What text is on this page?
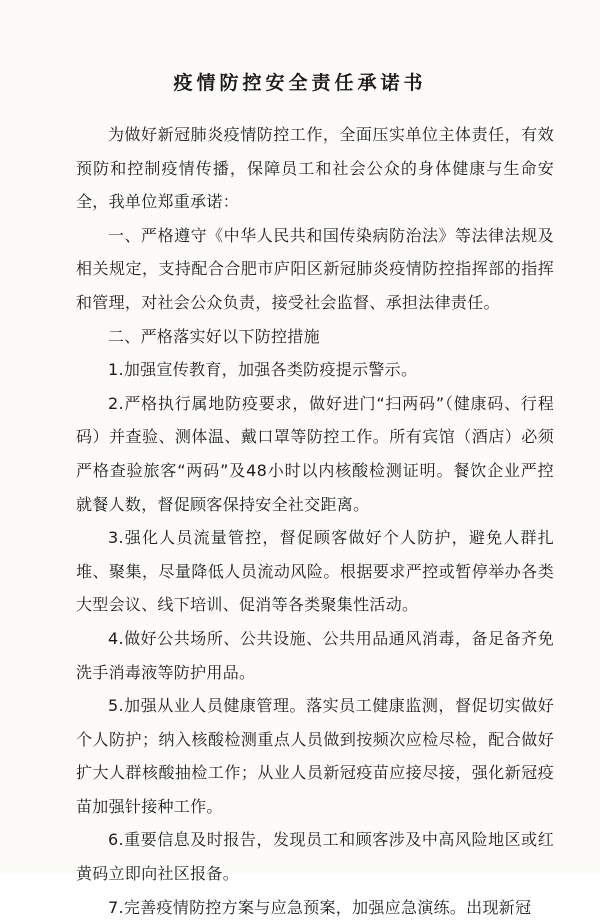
疫情防控安全责任承诺书

为做好新冠肺炎疫情防控工作，全面压实单位主体责任，有效预防和控制疫情传播，保障员工和社会公众的身体健康与生命安全，我单位郑重承诺：

一、严格遵守《中华人民共和国传染病防治法》等法律法规及相关规定，支持配合合肥市庐阳区新冠肺炎疫情防控指挥部的指挥和管理，对社会公众负责，接受社会监督、承担法律责任。

二、严格落实好以下防控措施

1.加强宣传教育，加强各类防疫提示警示。

2.严格执行属地防疫要求，做好进门“扫两码”（健康码、行程码）并查验、测体温、戴口罩等防控工作。所有宾馆（酒店）必须严格查验旅客“两码”及48小时以内核酸检测证明。餐饮企业严控就餐人数，督促顾客保持安全社交距离。

3.强化人员流量管控，督促顾客做好个人防护，避免人群扎堆、聚集，尽量降低人员流动风险。根据要求严控或暂停举办各类大型会议、线下培训、促消等各类聚集性活动。

4.做好公共场所、公共设施、公共用品通风消毒，备足备齐免洗手消毒液等防护用品。

5.加强从业人员健康管理。落实员工健康监测，督促切实做好个人防护；纳入核酸检测重点人员做到按频次应检尽检，配合做好扩大人群核酸抽检工作；从业人员新冠疫苗应接尽接，强化新冠疫苗加强针接种工作。

6.重要信息及时报告，发现员工和顾客涉及中高风险地区或红黄码立即向社区报备。

7.完善疫情防控方案与应急预案，加强应急演练。出现新冠
